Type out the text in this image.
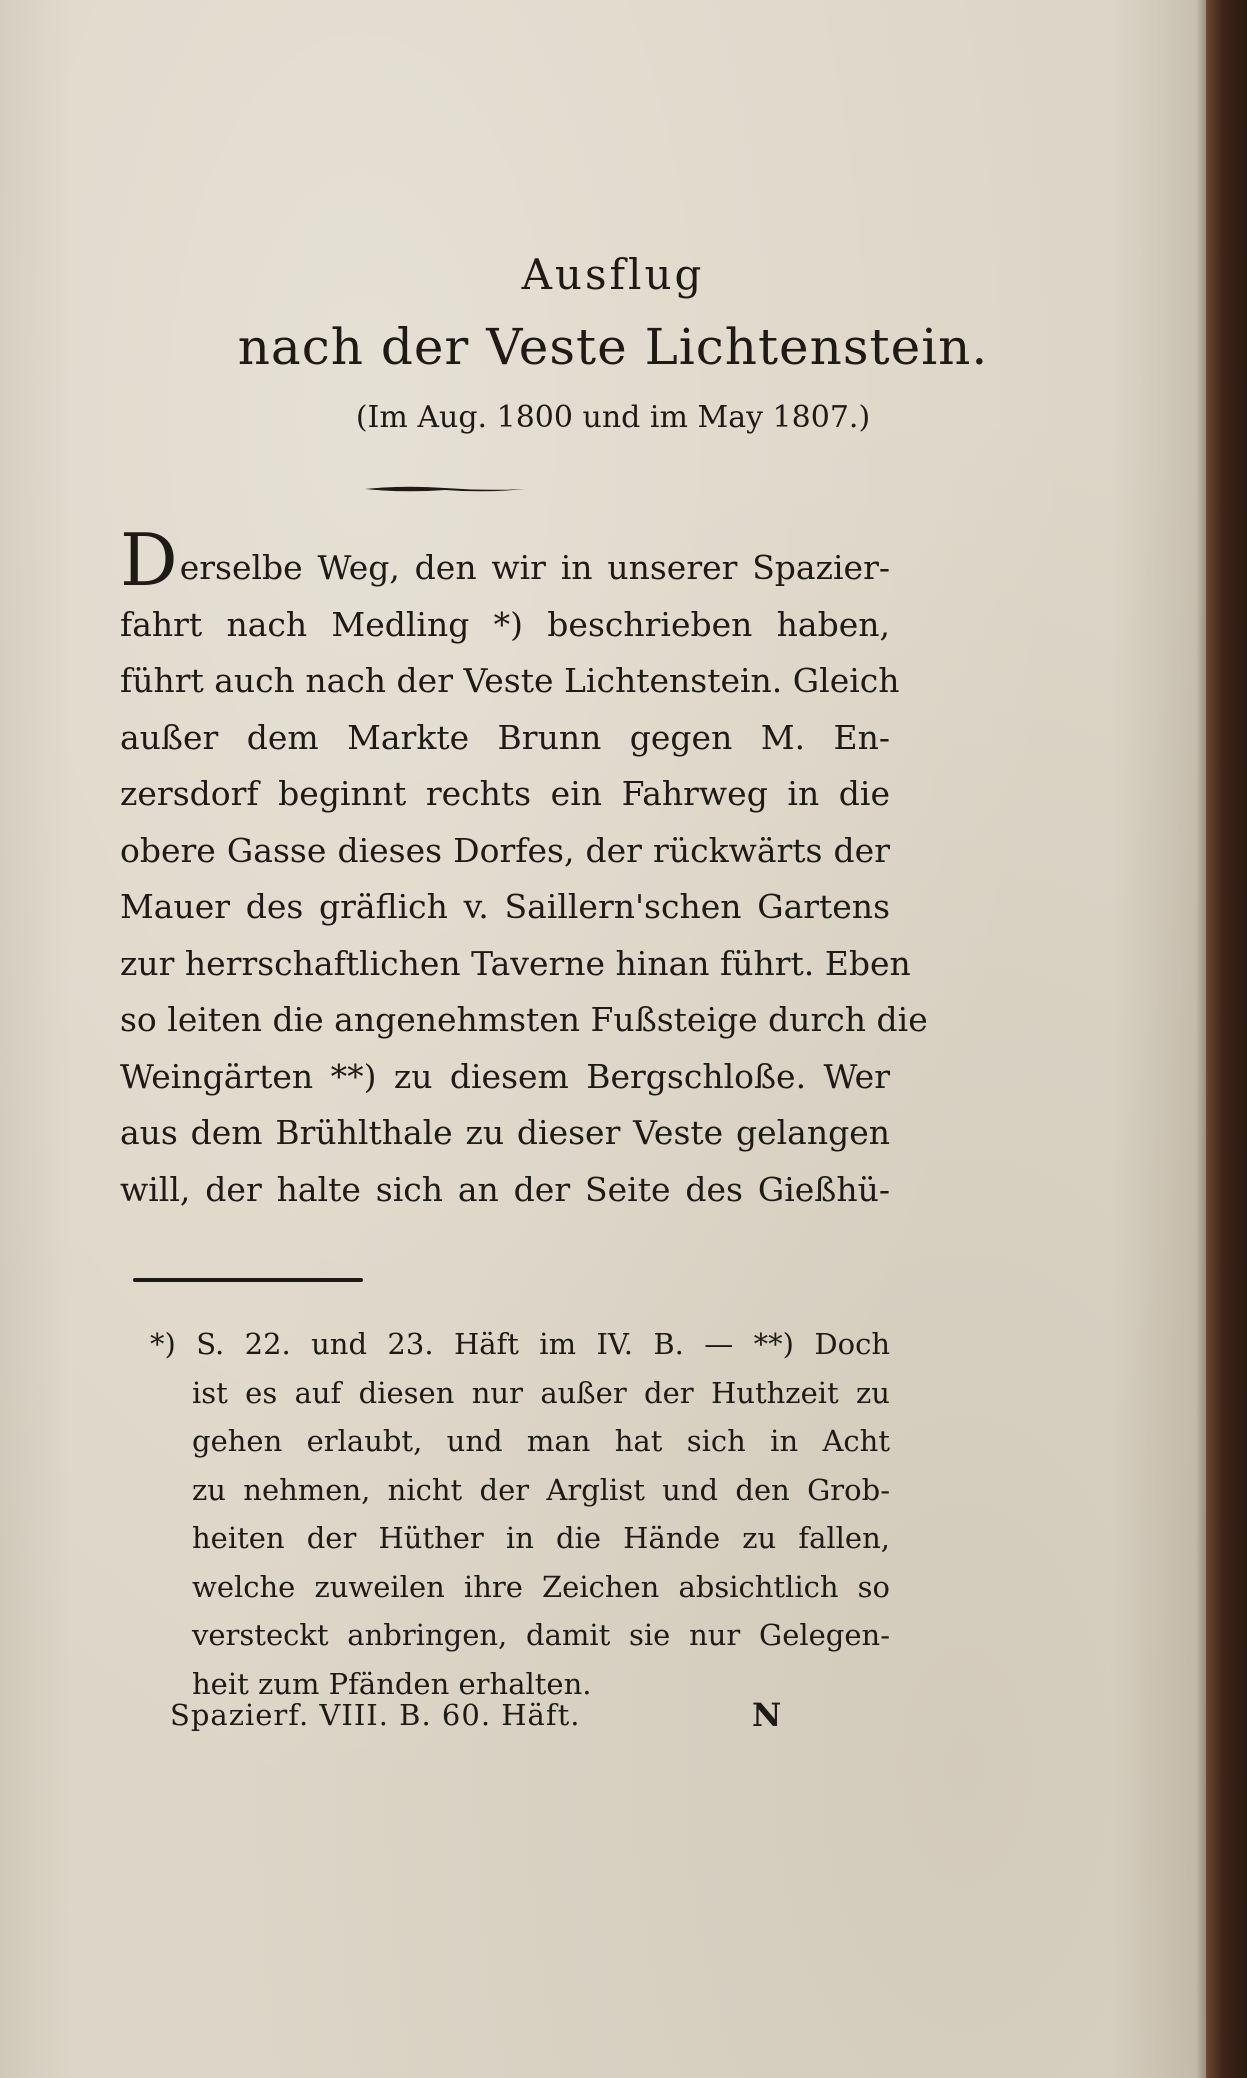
Ausflug
nach der Veste Lichtenstein.
(Im Aug. 1800 und im May 1807.)
Derselbe Weg, den wir in unserer Spazier-
fahrt nach Medling *) beschrieben haben,
führt auch nach der Veste Lichtenstein. Gleich
außer dem Markte Brunn gegen M. En-
zersdorf beginnt rechts ein Fahrweg in die
obere Gasse dieses Dorfes, der rückwärts der
Mauer des gräflich v. Saillern'schen Gartens
zur herrschaftlichen Taverne hinan führt. Eben
so leiten die angenehmsten Fußsteige durch die
Weingärten **) zu diesem Bergschloße. Wer
aus dem Brühlthale zu dieser Veste gelangen
will, der halte sich an der Seite des Gießhü-
*) S. 22. und 23. Häft im IV. B. — **) Doch
ist es auf diesen nur außer der Huthzeit zu
gehen erlaubt, und man hat sich in Acht
zu nehmen, nicht der Arglist und den Grob-
heiten der Hüther in die Hände zu fallen,
welche zuweilen ihre Zeichen absichtlich so
versteckt anbringen, damit sie nur Gelegen-
heit zum Pfänden erhalten.
Spazierf. VIII. B. 60. Häft.	N
